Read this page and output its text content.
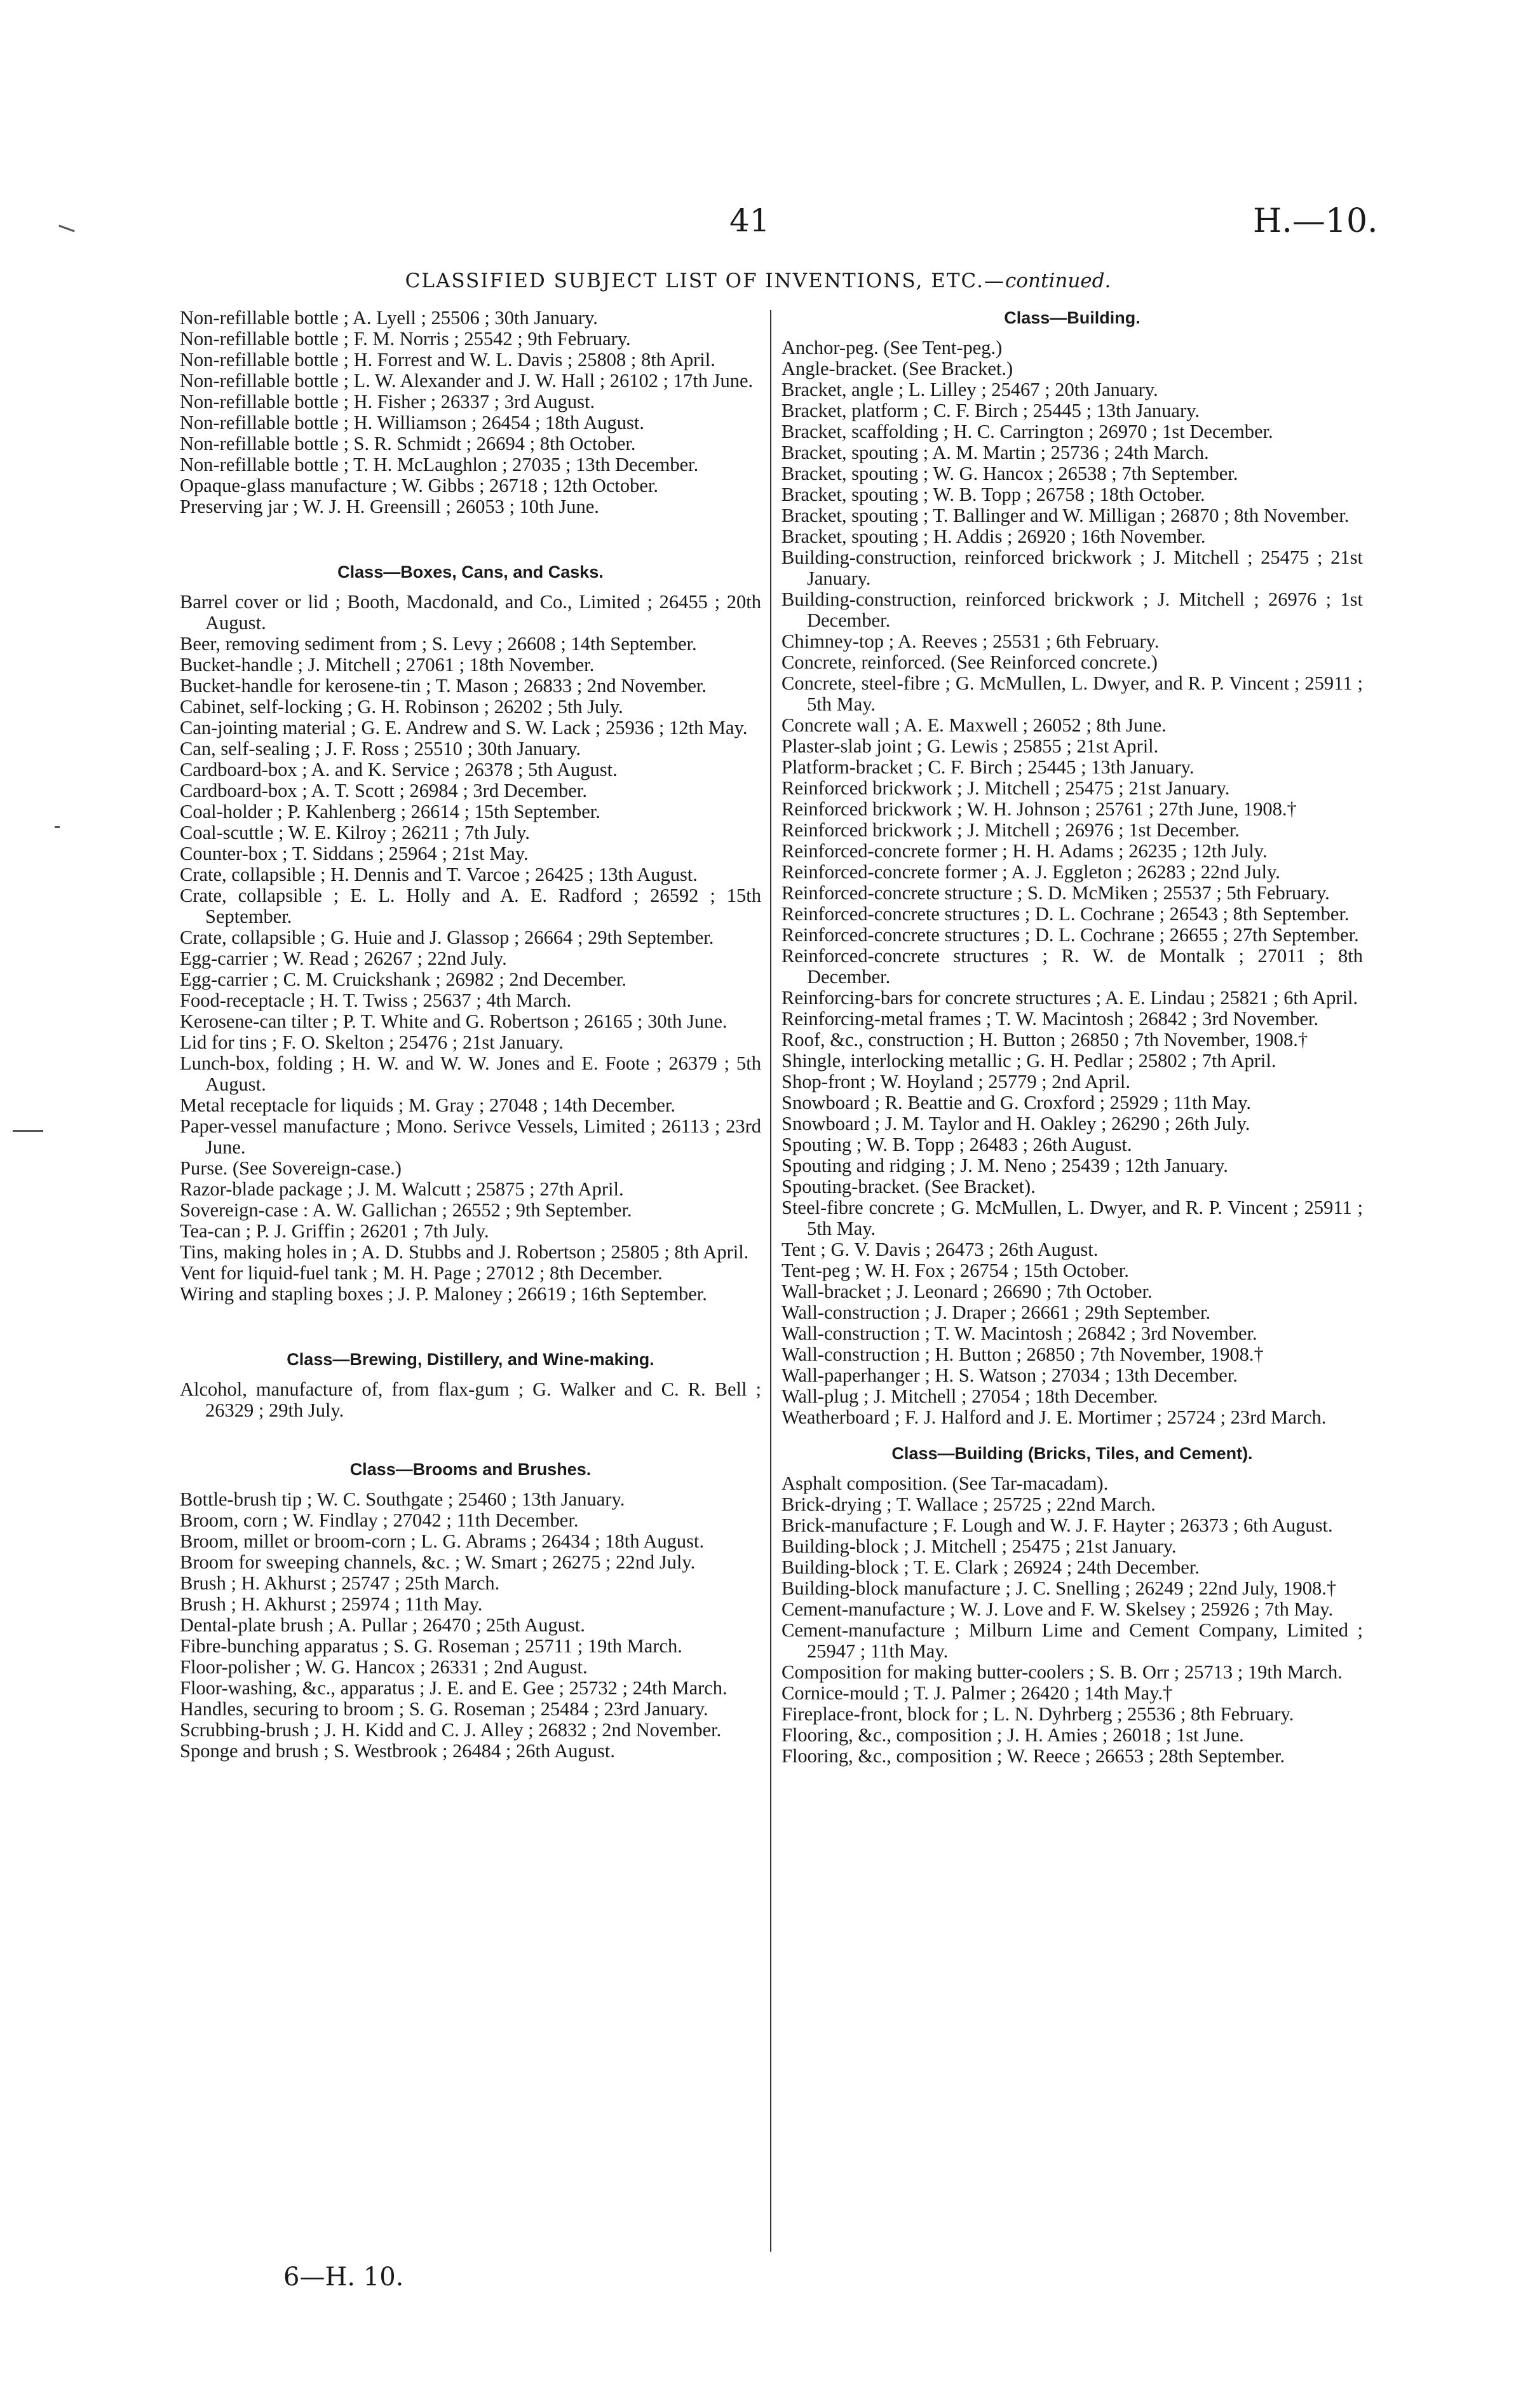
41	H.—10.
CLASSIFIED SUBJECT LIST OF INVENTIONS, ETC.—continued.

Non-refillable bottle ; A. Lyell ; 25506 ; 30th January.

Non-refillable bottle ; F. M. Norris ; 25542 ; 9th February.

Non-refillable bottle ; H. Forrest and W. L. Davis ; 25808 ; 8th April.

Non-refillable bottle ; L. W. Alexander and J. W. Hall ; 26102 ; 17th June.

Non-refillable bottle ; H. Fisher ; 26337 ; 3rd August.

Non-refillable bottle ; H. Williamson ; 26454 ; 18th August.

Non-refillable bottle ; S. R. Schmidt ; 26694 ; 8th October.

Non-refillable bottle ; T. H. McLaughlon ; 27035 ; 13th December.

Opaque-glass manufacture ; W. Gibbs ; 26718 ; 12th October.

Preserving jar ; W. J. H. Greensill ; 26053 ; 10th June.

Class—Boxes, Cans, and Casks.

Barrel cover or lid ; Booth, Macdonald, and Co., Limited ; 26455 ; 20th August.

Beer, removing sediment from ; S. Levy ; 26608 ; 14th September.

Bucket-handle ; J. Mitchell ; 27061 ; 18th November.

Bucket-handle for kerosene-tin ; T. Mason ; 26833 ; 2nd November.

Cabinet, self-locking ; G. H. Robinson ; 26202 ; 5th July.

Can-jointing material ; G. E. Andrew and S. W. Lack ; 25936 ; 12th May.

Can, self-sealing ; J. F. Ross ; 25510 ; 30th January.

Cardboard-box ; A. and K. Service ; 26378 ; 5th August.

Cardboard-box ; A. T. Scott ; 26984 ; 3rd December.

Coal-holder ; P. Kahlenberg ; 26614 ; 15th September.

Coal-scuttle ; W. E. Kilroy ; 26211 ; 7th July.

Counter-box ; T. Siddans ; 25964 ; 21st May.

Crate, collapsible ; H. Dennis and T. Varcoe ; 26425 ; 13th August.

Crate, collapsible ; E. L. Holly and A. E. Radford ; 26592 ; 15th September.

Crate, collapsible ; G. Huie and J. Glassop ; 26664 ; 29th September.

Egg-carrier ; W. Read ; 26267 ; 22nd July.

Egg-carrier ; C. M. Cruickshank ; 26982 ; 2nd December.

Food-receptacle ; H. T. Twiss ; 25637 ; 4th March.

Kerosene-can tilter ; P. T. White and G. Robertson ; 26165 ; 30th June.

Lid for tins ; F. O. Skelton ; 25476 ; 21st January.

Lunch-box, folding ; H. W. and W. W. Jones and E. Foote ; 26379 ; 5th August.

Metal receptacle for liquids ; M. Gray ; 27048 ; 14th December.

Paper-vessel manufacture ; Mono. Serivce Vessels, Limited ; 26113 ; 23rd June.

Purse. (See Sovereign-case.)

Razor-blade package ; J. M. Walcutt ; 25875 ; 27th April.

Sovereign-case : A. W. Gallichan ; 26552 ; 9th September.

Tea-can ; P. J. Griffin ; 26201 ; 7th July.

Tins, making holes in ; A. D. Stubbs and J. Robertson ; 25805 ; 8th April.

Vent for liquid-fuel tank ; M. H. Page ; 27012 ; 8th December.

Wiring and stapling boxes ; J. P. Maloney ; 26619 ; 16th September.

Class—Brewing, Distillery, and Wine-making.

Alcohol, manufacture of, from flax-gum ; G. Walker and C. R. Bell ; 26329 ; 29th July.

Class—Brooms and Brushes.

Bottle-brush tip ; W. C. Southgate ; 25460 ; 13th January.

Broom, corn ; W. Findlay ; 27042 ; 11th December.

Broom, millet or broom-corn ; L. G. Abrams ; 26434 ; 18th August.

Broom for sweeping channels, &c. ; W. Smart ; 26275 ; 22nd July.

Brush ; H. Akhurst ; 25747 ; 25th March.

Brush ; H. Akhurst ; 25974 ; 11th May.

Dental-plate brush ; A. Pullar ; 26470 ; 25th August.

Fibre-bunching apparatus ; S. G. Roseman ; 25711 ; 19th March.

Floor-polisher ; W. G. Hancox ; 26331 ; 2nd August.

Floor-washing, &c., apparatus ; J. E. and E. Gee ; 25732 ; 24th March.

Handles, securing to broom ; S. G. Roseman ; 25484 ; 23rd January.

Scrubbing-brush ; J. H. Kidd and C. J. Alley ; 26832 ; 2nd November.

Sponge and brush ; S. Westbrook ; 26484 ; 26th August.

Class—Building.

Anchor-peg. (See Tent-peg.)

Angle-bracket. (See Bracket.)

Bracket, angle ; L. Lilley ; 25467 ; 20th January.

Bracket, platform ; C. F. Birch ; 25445 ; 13th January.

Bracket, scaffolding ; H. C. Carrington ; 26970 ; 1st December.

Bracket, spouting ; A. M. Martin ; 25736 ; 24th March.

Bracket, spouting ; W. G. Hancox ; 26538 ; 7th September.

Bracket, spouting ; W. B. Topp ; 26758 ; 18th October.

Bracket, spouting ; T. Ballinger and W. Milligan ; 26870 ; 8th November.

Bracket, spouting ; H. Addis ; 26920 ; 16th November.

Building-construction, reinforced brickwork ; J. Mitchell ; 25475 ; 21st January.

Building-construction, reinforced brickwork ; J. Mitchell ; 26976 ; 1st December.

Chimney-top ; A. Reeves ; 25531 ; 6th February.

Concrete, reinforced. (See Reinforced concrete.)

Concrete, steel-fibre ; G. McMullen, L. Dwyer, and R. P. Vincent ; 25911 ; 5th May.

Concrete wall ; A. E. Maxwell ; 26052 ; 8th June.

Plaster-slab joint ; G. Lewis ; 25855 ; 21st April.

Platform-bracket ; C. F. Birch ; 25445 ; 13th January.

Reinforced brickwork ; J. Mitchell ; 25475 ; 21st January.

Reinforced brickwork ; W. H. Johnson ; 25761 ; 27th June, 1908.†

Reinforced brickwork ; J. Mitchell ; 26976 ; 1st December.

Reinforced-concrete former ; H. H. Adams ; 26235 ; 12th July.

Reinforced-concrete former ; A. J. Eggleton ; 26283 ; 22nd July.

Reinforced-concrete structure ; S. D. McMiken ; 25537 ; 5th February.

Reinforced-concrete structures ; D. L. Cochrane ; 26543 ; 8th September.

Reinforced-concrete structures ; D. L. Cochrane ; 26655 ; 27th September.

Reinforced-concrete structures ; R. W. de Montalk ; 27011 ; 8th December.

Reinforcing-bars for concrete structures ; A. E. Lindau ; 25821 ; 6th April.

Reinforcing-metal frames ; T. W. Macintosh ; 26842 ; 3rd November.

Roof, &c., construction ; H. Button ; 26850 ; 7th November, 1908.†

Shingle, interlocking metallic ; G. H. Pedlar ; 25802 ; 7th April.

Shop-front ; W. Hoyland ; 25779 ; 2nd April.

Snowboard ; R. Beattie and G. Croxford ; 25929 ; 11th May.

Snowboard ; J. M. Taylor and H. Oakley ; 26290 ; 26th July.

Spouting ; W. B. Topp ; 26483 ; 26th August.

Spouting and ridging ; J. M. Neno ; 25439 ; 12th January.

Spouting-bracket. (See Bracket).

Steel-fibre concrete ; G. McMullen, L. Dwyer, and R. P. Vincent ; 25911 ; 5th May.

Tent ; G. V. Davis ; 26473 ; 26th August.

Tent-peg ; W. H. Fox ; 26754 ; 15th October.

Wall-bracket ; J. Leonard ; 26690 ; 7th October.

Wall-construction ; J. Draper ; 26661 ; 29th September.

Wall-construction ; T. W. Macintosh ; 26842 ; 3rd November.

Wall-construction ; H. Button ; 26850 ; 7th November, 1908.†

Wall-paperhanger ; H. S. Watson ; 27034 ; 13th December.

Wall-plug ; J. Mitchell ; 27054 ; 18th December.

Weatherboard ; F. J. Halford and J. E. Mortimer ; 25724 ; 23rd March.

Class—Building (Bricks, Tiles, and Cement).

Asphalt composition. (See Tar-macadam).

Brick-drying ; T. Wallace ; 25725 ; 22nd March.

Brick-manufacture ; F. Lough and W. J. F. Hayter ; 26373 ; 6th August.

Building-block ; J. Mitchell ; 25475 ; 21st January.

Building-block ; T. E. Clark ; 26924 ; 24th December.

Building-block manufacture ; J. C. Snelling ; 26249 ; 22nd July, 1908.†

Cement-manufacture ; W. J. Love and F. W. Skelsey ; 25926 ; 7th May.

Cement-manufacture ; Milburn Lime and Cement Company, Limited ; 25947 ; 11th May.

Composition for making butter-coolers ; S. B. Orr ; 25713 ; 19th March.

Cornice-mould ; T. J. Palmer ; 26420 ; 14th May.†

Fireplace-front, block for ; L. N. Dyhrberg ; 25536 ; 8th February.

Flooring, &c., composition ; J. H. Amies ; 26018 ; 1st June.

Flooring, &c., composition ; W. Reece ; 26653 ; 28th September.

6—H. 10.
